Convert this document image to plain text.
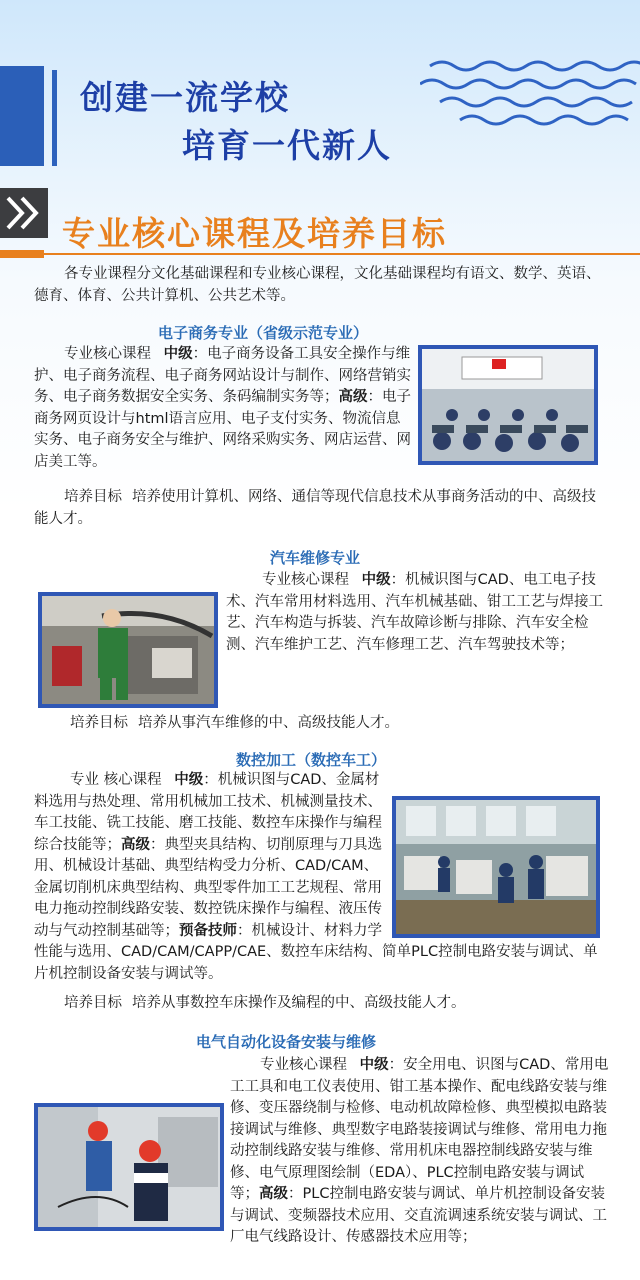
创建一流学校
培育一代新人
专业核心课程及培养目标
各专业课程分文化基础课程和专业核心课程，文化基础课程均有语文、数学、英语、德育、体育、公共计算机、公共艺术等。
电子商务专业（省级示范专业）
专业核心课程 中级：电子商务设备工具安全操作与维护、电子商务流程、电子商务网站设计与制作、网络营销实务、电子商务数据安全实务、条码编制实务等；高级：电子商务网页设计与html语言应用、电子支付实务、物流信息实务、电子商务安全与维护、网络采购实务、网店运营、网店美工等。
培养目标 培养使用计算机、网络、通信等现代信息技术从事商务活动的中、高级技能人才。
汽车维修专业
专业核心课程 中级：机械识图与CAD、电工电子技术、汽车常用材料选用、汽车机械基础、钳工工艺与焊接工艺、汽车构造与拆装、汽车故障诊断与排除、汽车安全检测、汽车维护工艺、汽车修理工艺、汽车驾驶技术等；
培养目标 培养从事汽车维修的中、高级技能人才。
数控加工（数控车工）
专业 核心课程 中级：机械识图与CAD、金属材料选用与热处理、常用机械加工技术、机械测量技术、车工技能、铣工技能、磨工技能、数控车床操作与编程综合技能等；高级：典型夹具结构、切削原理与刀具选用、机械设计基础、典型结构受力分析、CAD/CAM、金属切削机床典型结构、典型零件加工工艺规程、常用电力拖动控制线路安装、数控铣床操作与编程、液压传动与气动控制基础等；预备技师：机械设计、材料力学性能与选用、CAD/CAM/CAPP/CAE、数控车床结构、简单PLC控制电路安装与调试、单片机控制设备安装与调试等。
培养目标 培养从事数控车床操作及编程的中、高级技能人才。
电气自动化设备安装与维修
专业核心课程 中级：安全用电、识图与CAD、常用电工工具和电工仪表使用、钳工基本操作、配电线路安装与维修、变压器绕制与检修、电动机故障检修、典型模拟电路装接调试与维修、典型数字电路装接调试与维修、常用电力拖动控制线路安装与维修、常用机床电器控制线路安装与维修、电气原理图绘制（EDA）、PLC控制电路安装与调试等；高级：PLC控制电路安装与调试、单片机控制设备安装与调试、变频器技术应用、交直流调速系统安装与调试、工厂电气线路设计、传感器技术应用等；
